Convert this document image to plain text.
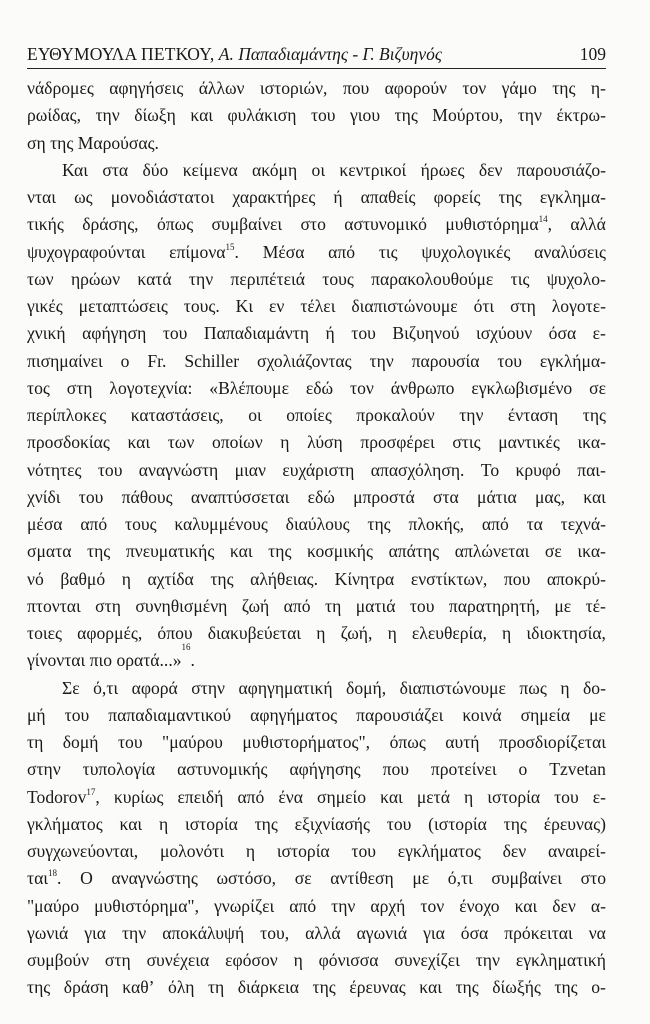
ΕΥΘΥΜΟΥΛΑ ΠΕΤΚΟΥ, Α. Παπαδιαμάντης - Γ. Βιζυηνός	109
νάδρομες αφηγήσεις άλλων ιστοριών, που αφορούν τον γάμο της η-
ρωίδας, την δίωξη και φυλάκιση του γιου της Μούρτου, την έκτρω-
ση της Μαρούσας.
Και στα δύο κείμενα ακόμη οι κεντρικοί ήρωες δεν παρουσιάζο-
νται ως μονοδιάστατοι χαρακτήρες ή απαθείς φορείς της εγκλημα-
τικής δράσης, όπως συμβαίνει στο αστυνομικό μυθιστόρημα$^{14}$, αλλά
ψυχογραφούνται επίμονα$^{15}$. Μέσα από τις ψυχολογικές αναλύσεις
των ηρώων κατά την περιπέτειά τους παρακολουθούμε τις ψυχολο-
γικές μεταπτώσεις τους. Κι εν τέλει διαπιστώνουμε ότι στη λογοτε-
χνική αφήγηση του Παπαδιαμάντη ή του Βιζυηνού ισχύουν όσα ε-
πισημαίνει ο Fr. Schiller σχολιάζοντας την παρουσία του εγκλήμα-
τος στη λογοτεχνία: «Βλέπουμε εδώ τον άνθρωπο εγκλωβισμένο σε
περίπλοκες καταστάσεις, οι οποίες προκαλούν την ένταση της
προσδοκίας και των οποίων η λύση προσφέρει στις μαντικές ικα-
νότητες του αναγνώστη μιαν ευχάριστη απασχόληση. Το κρυφό παι-
χνίδι του πάθους αναπτύσσεται εδώ μπροστά στα μάτια μας, και
μέσα από τους καλυμμένους διαύλους της πλοκής, από τα τεχνά-
σματα της πνευματικής και της κοσμικής απάτης απλώνεται σε ικα-
νό βαθμό η αχτίδα της αλήθειας. Κίνητρα ενστίκτων, που αποκρύ-
πτονται στη συνηθισμένη ζωή από τη ματιά του παρατηρητή, με τέ-
τοιες αφορμές, όπου διακυβεύεται η ζωή, η ελευθερία, η ιδιοκτησία,
γίνονται πιο ορατά...»
16
.
Σε ό,τι αφορά στην αφηγηματική δομή, διαπιστώνουμε πως η δο-
μή του παπαδιαμαντικού αφηγήματος παρουσιάζει κοινά σημεία με
τη δομή του "μαύρου μυθιστορήματος", όπως αυτή προσδιορίζεται
στην τυπολογία αστυνομικής αφήγησης που προτείνει ο Tzvetan
Todorov$^{17}$, κυρίως επειδή από ένα σημείο και μετά η ιστορία του ε-
γκλήματος και η ιστορία της εξιχνίασής του (ιστορία της έρευνας)
συγχωνεύονται, μολονότι η ιστορία του εγκλήματος δεν αναιρεί-
ται$^{18}$. Ο αναγνώστης ωστόσο, σε αντίθεση με ό,τι συμβαίνει στο
"μαύρο μυθιστόρημα", γνωρίζει από την αρχή τον ένοχο και δεν α-
γωνιά για την αποκάλυψή του, αλλά αγωνιά για όσα πρόκειται να
συμβούν στη συνέχεια εφόσον η φόνισσα συνεχίζει την εγκληματική
της δράση καθ’ όλη τη διάρκεια της έρευνας και της δίωξής της ο-
